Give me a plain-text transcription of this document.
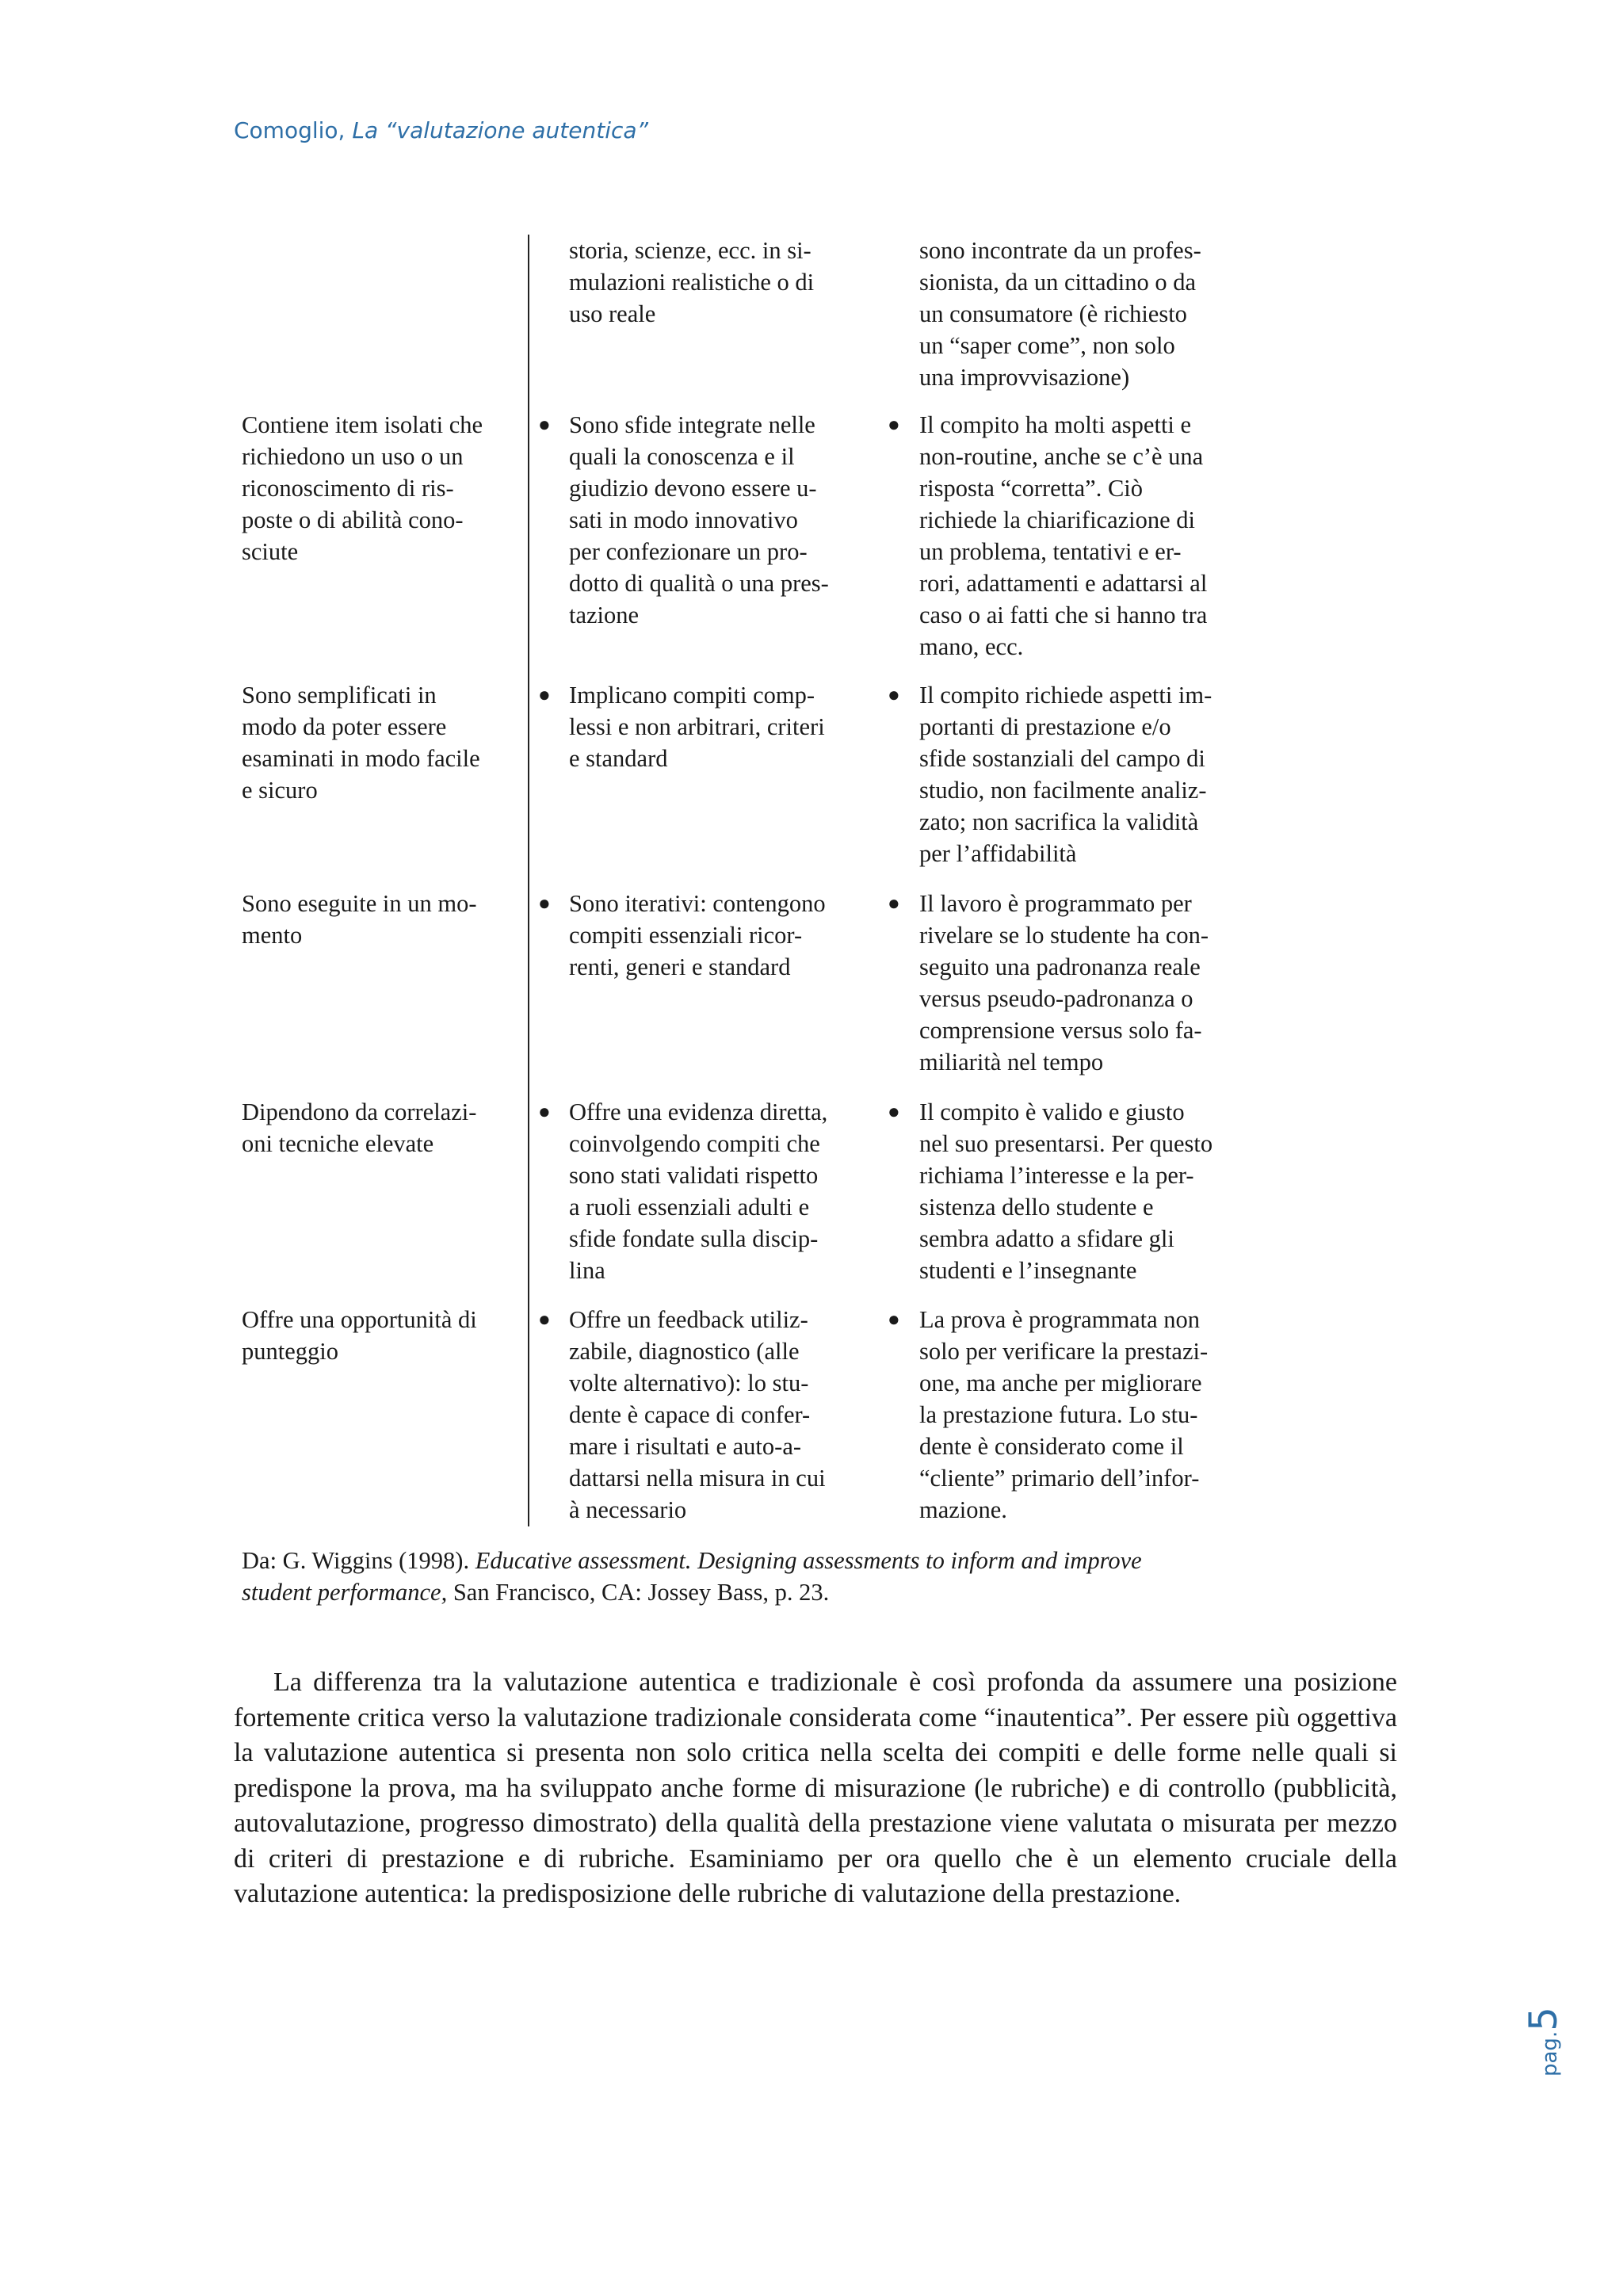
Comoglio, La “valutazione autentica”
storia, scienze, ecc. in si-
mulazioni realistiche o di
uso reale
sono incontrate da un profes-
sionista, da un cittadino o da
un consumatore (è richiesto
un “saper come”, non solo
una improvvisazione)
Contiene item isolati che
richiedono un uso o un
riconoscimento di ris-
poste o di abilità cono-
sciute
● Sono sfide integrate nelle
quali la conoscenza e il
giudizio devono essere u-
sati in modo innovativo
per confezionare un pro-
dotto di qualità o una pres-
tazione
● Il compito ha molti aspetti e
non-routine, anche se c’è una
risposta “corretta”. Ciò
richiede la chiarificazione di
un problema, tentativi e er-
rori, adattamenti e adattarsi al
caso o ai fatti che si hanno tra
mano, ecc.
Sono semplificati in
modo da poter essere
esaminati in modo facile
e sicuro
● Implicano compiti comp-
lessi e non arbitrari, criteri
e standard
● Il compito richiede aspetti im-
portanti di prestazione e/o
sfide sostanziali del campo di
studio, non facilmente analiz-
zato; non sacrifica la validità
per l’affidabilità
Sono eseguite in un mo-
mento
● Sono iterativi: contengono
compiti essenziali ricor-
renti, generi e standard
● Il lavoro è programmato per
rivelare se lo studente ha con-
seguito una padronanza reale
versus pseudo-padronanza o
comprensione versus solo fa-
miliarità nel tempo
Dipendono da correlazi-
oni tecniche elevate
● Offre una evidenza diretta,
coinvolgendo compiti che
sono stati validati rispetto
a ruoli essenziali adulti e
sfide fondate sulla discip-
lina
● Il compito è valido e giusto
nel suo presentarsi. Per questo
richiama l’interesse e la per-
sistenza dello studente e
sembra adatto a sfidare gli
studenti e l’insegnante
Offre una opportunità di
punteggio
● Offre un feedback utiliz-
zabile, diagnostico (alle
volte alternativo): lo stu-
dente è capace di confer-
mare i risultati e auto-a-
dattarsi nella misura in cui
à necessario
● La prova è programmata non
solo per verificare la prestazi-
one, ma anche per migliorare
la prestazione futura. Lo stu-
dente è considerato come il
“cliente” primario dell’infor-
mazione.
Da: G. Wiggins (1998). Educative assessment. Designing assessments to inform and improve
student performance, San Francisco, CA: Jossey Bass, p. 23.

La differenza tra la valutazione autentica e tradizionale è così profonda da assumere una posizione fortemente critica verso la valutazione tradizionale considerata come “inautentica”. Per essere più oggettiva la valutazione autentica si presenta non solo critica nella scelta dei compiti e delle forme nelle quali si predispone la prova, ma ha sviluppato anche forme di misurazione (le rubriche) e di controllo (pubblicità, autovalutazione, progresso dimostrato) della qualità della prestazione viene valutata o misurata per mezzo di criteri di prestazione e di rubriche. Esaminiamo per ora quello che è un elemento cruciale della valutazione autentica: la predisposizione delle rubriche di valutazione della prestazione.

pag.5
